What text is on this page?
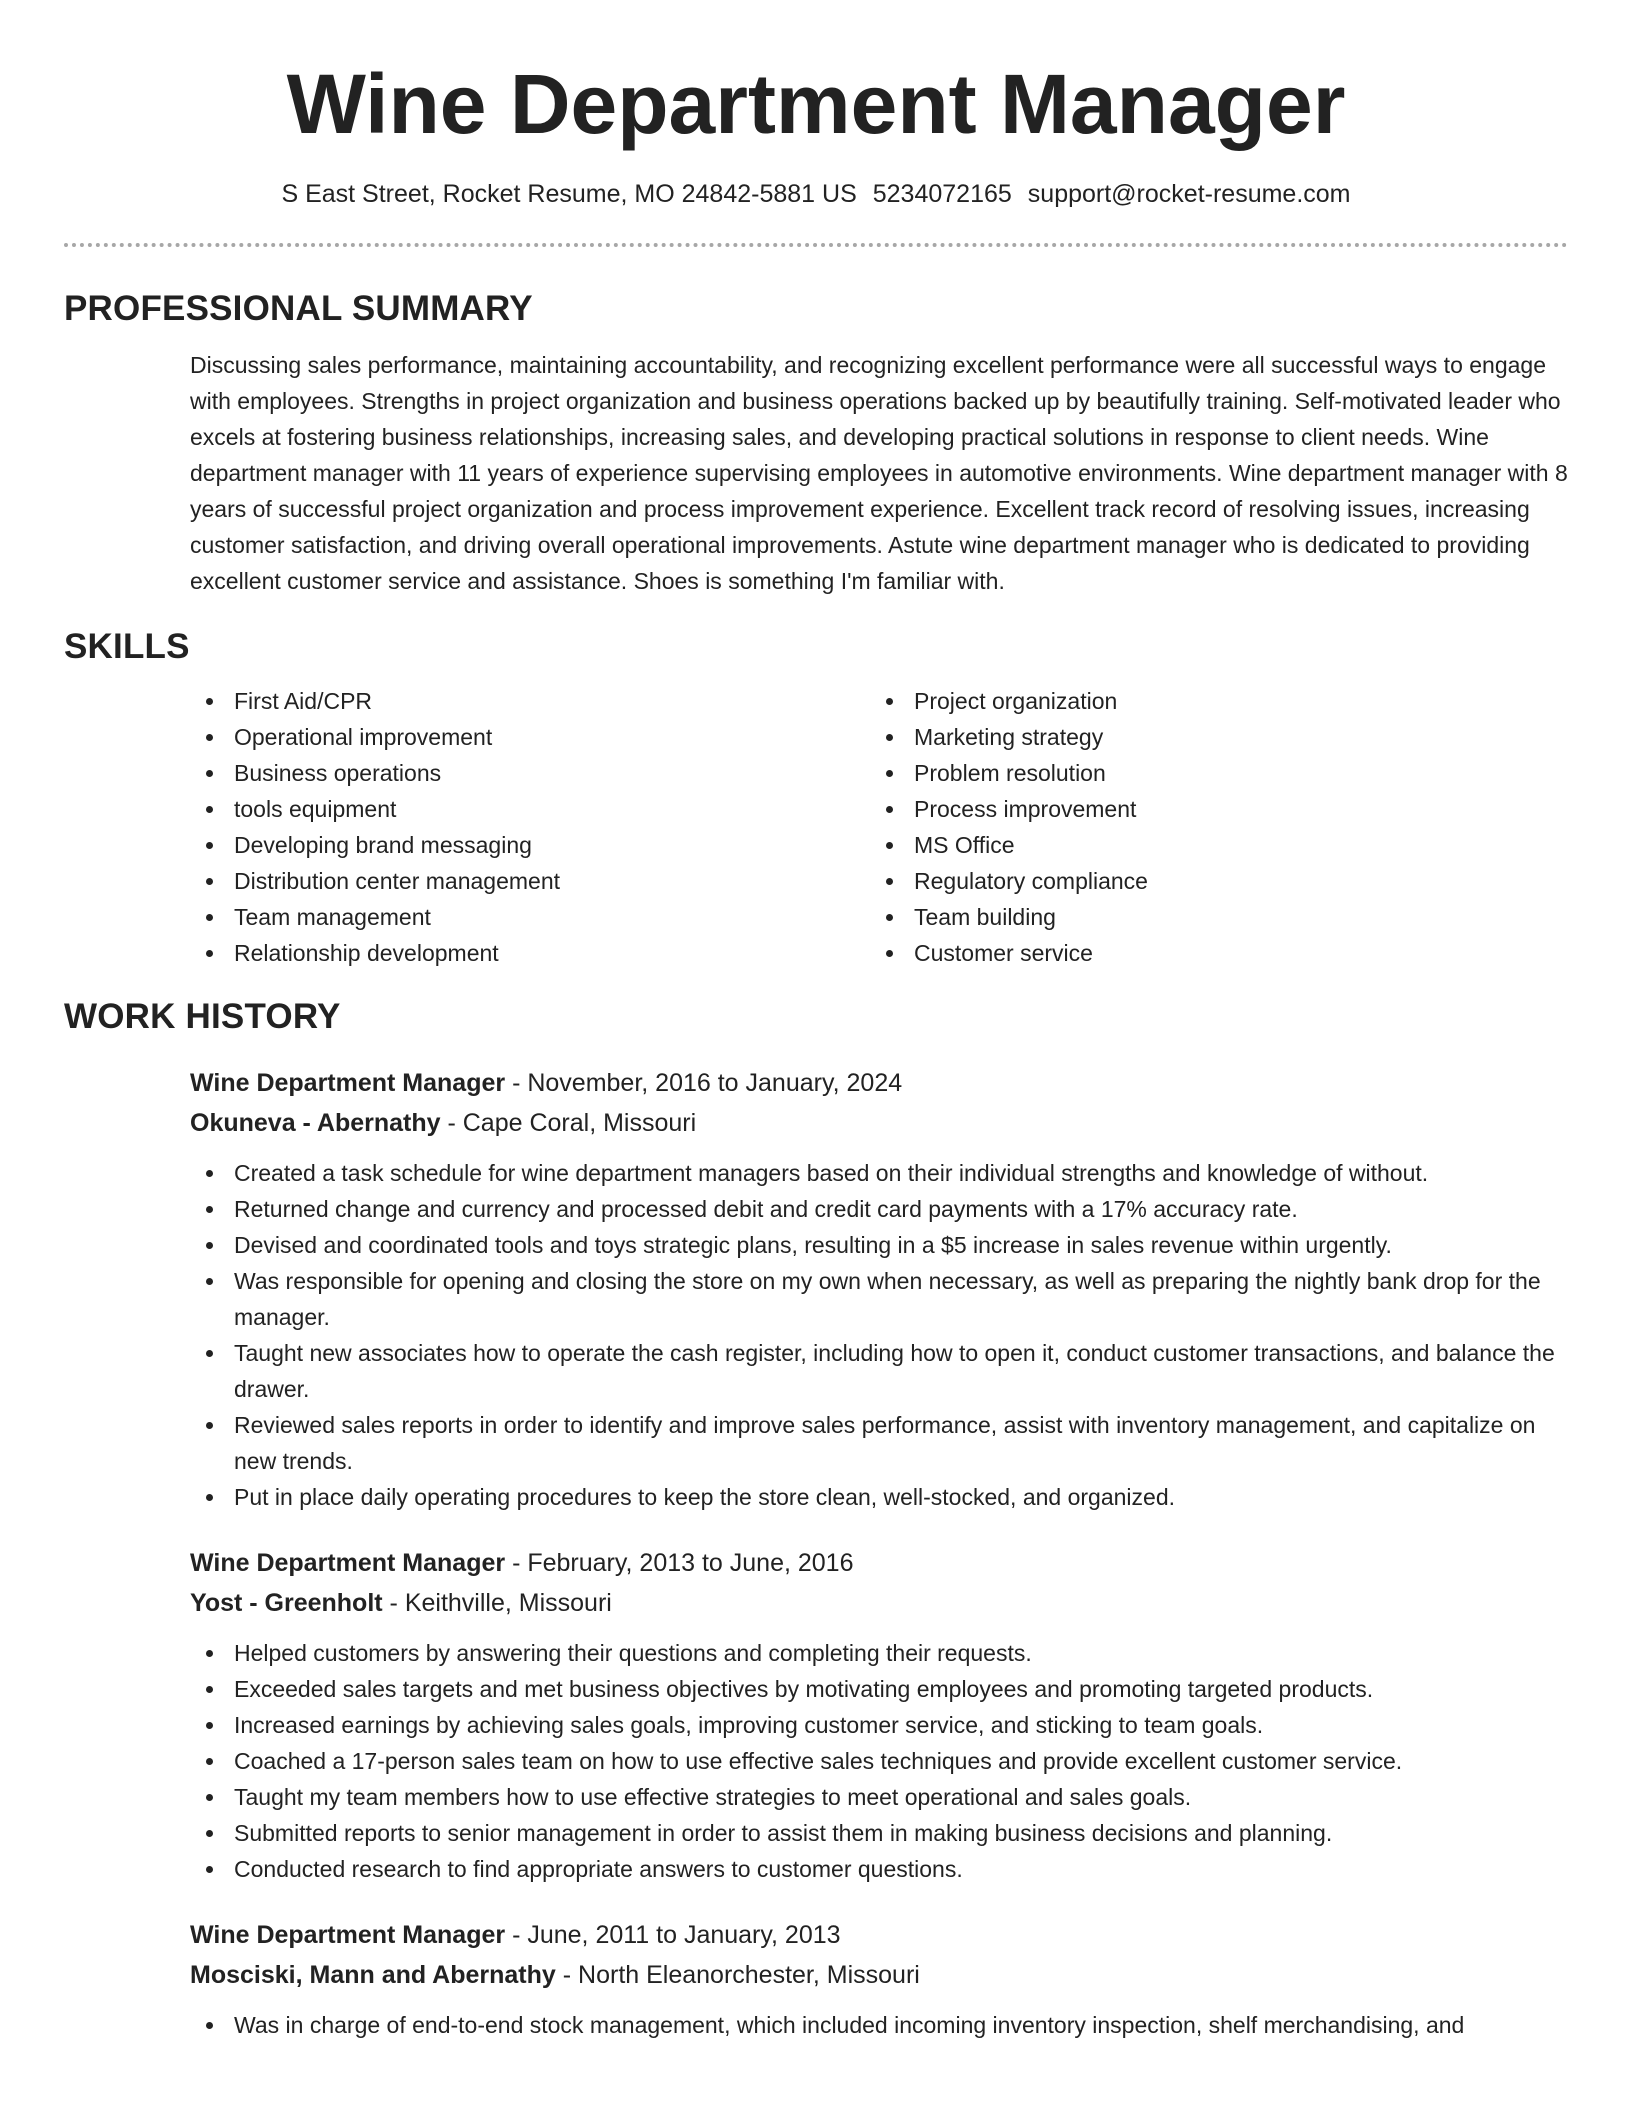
Wine Department Manager
S East Street, Rocket Resume, MO 24842-5881 US 5234072165 support@rocket-resume.com
PROFESSIONAL SUMMARY

Discussing sales performance, maintaining accountability, and recognizing excellent performance were all successful ways to engage with employees. Strengths in project organization and business operations backed up by beautifully training. Self-motivated leader who excels at fostering business relationships, increasing sales, and developing practical solutions in response to client needs. Wine department manager with 11 years of experience supervising employees in automotive environments. Wine department manager with 8 years of successful project organization and process improvement experience. Excellent track record of resolving issues, increasing customer satisfaction, and driving overall operational improvements. Astute wine department manager who is dedicated to providing excellent customer service and assistance. Shoes is something I'm familiar with.

SKILLS
First Aid/CPR
Operational improvement
Business operations
tools equipment
Developing brand messaging
Distribution center management
Team management
Relationship development
Project organization
Marketing strategy
Problem resolution
Process improvement
MS Office
Regulatory compliance
Team building
Customer service
WORK HISTORY
Wine Department Manager - November, 2016 to January, 2024
Okuneva - Abernathy - Cape Coral, Missouri
Created a task schedule for wine department managers based on their individual strengths and knowledge of without.
Returned change and currency and processed debit and credit card payments with a 17% accuracy rate.
Devised and coordinated tools and toys strategic plans, resulting in a $5 increase in sales revenue within urgently.
Was responsible for opening and closing the store on my own when necessary, as well as preparing the nightly bank drop for the manager.
Taught new associates how to operate the cash register, including how to open it, conduct customer transactions, and balance the drawer.
Reviewed sales reports in order to identify and improve sales performance, assist with inventory management, and capitalize on new trends.
Put in place daily operating procedures to keep the store clean, well-stocked, and organized.
Wine Department Manager - February, 2013 to June, 2016
Yost - Greenholt - Keithville, Missouri
Helped customers by answering their questions and completing their requests.
Exceeded sales targets and met business objectives by motivating employees and promoting targeted products.
Increased earnings by achieving sales goals, improving customer service, and sticking to team goals.
Coached a 17-person sales team on how to use effective sales techniques and provide excellent customer service.
Taught my team members how to use effective strategies to meet operational and sales goals.
Submitted reports to senior management in order to assist them in making business decisions and planning.
Conducted research to find appropriate answers to customer questions.
Wine Department Manager - June, 2011 to January, 2013
Mosciski, Mann and Abernathy - North Eleanorchester, Missouri
Was in charge of end-to-end stock management, which included incoming inventory inspection, shelf merchandising, and
